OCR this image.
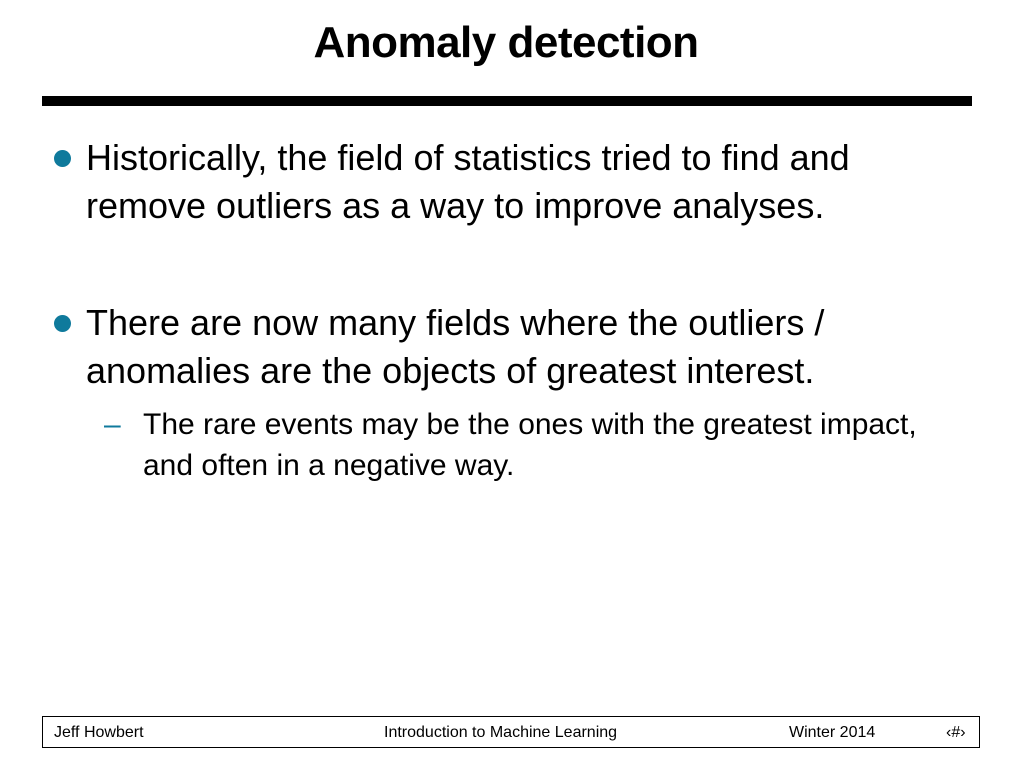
Anomaly detection
Historically, the field of statistics tried to find and remove outliers as a way to improve analyses.
There are now many fields where the outliers / anomalies are the objects of greatest interest.
– The rare events may be the ones with the greatest impact, and often in a negative way.
Jeff Howbert	Introduction to Machine Learning	Winter 2014	‹#›
